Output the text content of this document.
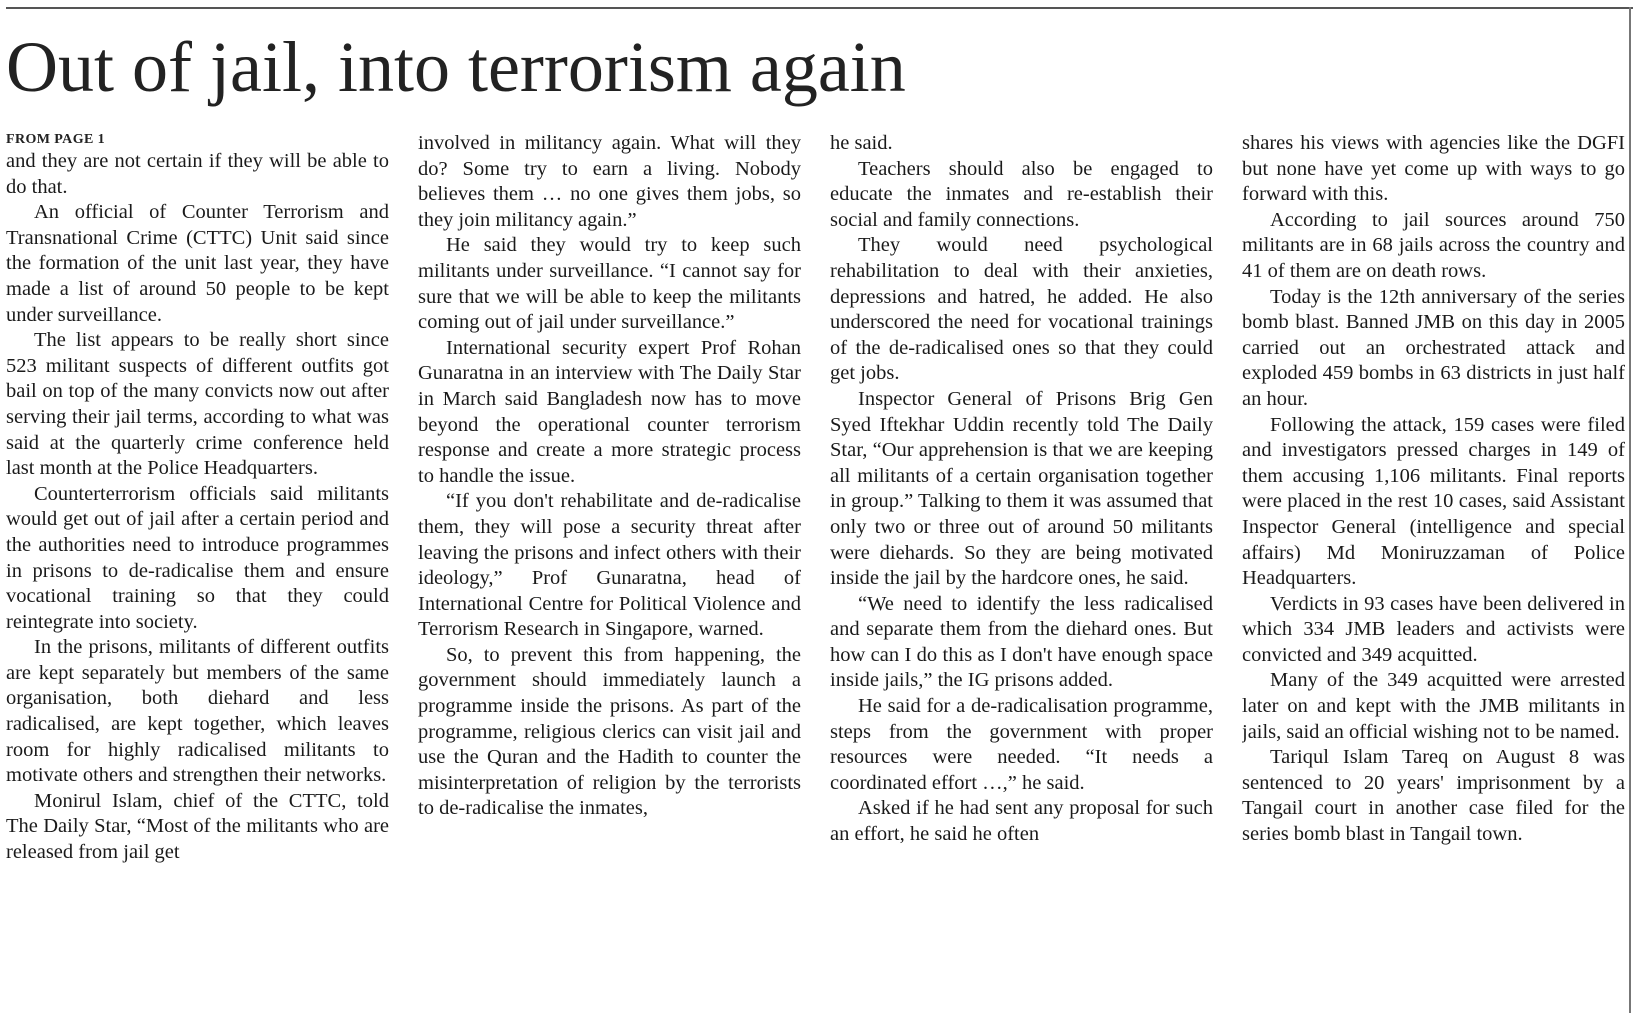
Out of jail, into terrorism again
FROM PAGE 1

and they are not certain if they will be able to do that.

An official of Counter Terrorism and Transnational Crime (CTTC) Unit said since the formation of the unit last year, they have made a list of around 50 people to be kept under surveillance.

The list appears to be really short since 523 militant suspects of different outfits got bail on top of the many convicts now out after serving their jail terms, according to what was said at the quarterly crime conference held last month at the Police Headquarters.

Counterterrorism officials said militants would get out of jail after a certain period and the authorities need to introduce programmes in prisons to de-radicalise them and ensure vocational training so that they could reintegrate into society.

In the prisons, militants of different outfits are kept separately but members of the same organisation, both diehard and less radicalised, are kept together, which leaves room for highly radicalised militants to motivate others and strengthen their networks.

Monirul Islam, chief of the CTTC, told The Daily Star, “Most of the militants who are released from jail get

involved in militancy again. What will they do? Some try to earn a living. Nobody believes them … no one gives them jobs, so they join militancy again.”

He said they would try to keep such militants under surveillance. “I cannot say for sure that we will be able to keep the militants coming out of jail under surveillance.”

International security expert Prof Rohan Gunaratna in an interview with The Daily Star in March said Bangladesh now has to move beyond the operational counter terrorism response and create a more strategic process to handle the issue.

“If you don't rehabilitate and de-radicalise them, they will pose a security threat after leaving the prisons and infect others with their ideology,” Prof Gunaratna, head of International Centre for Political Violence and Terrorism Research in Singapore, warned.

So, to prevent this from happening, the government should immediately launch a programme inside the prisons. As part of the programme, religious clerics can visit jail and use the Quran and the Hadith to counter the misinterpretation of religion by the terrorists to de-radicalise the inmates,

he said.

Teachers should also be engaged to educate the inmates and re-establish their social and family connections.

They would need psychological rehabilitation to deal with their anxieties, depressions and hatred, he added. He also underscored the need for vocational trainings of the de-radicalised ones so that they could get jobs.

Inspector General of Prisons Brig Gen Syed Iftekhar Uddin recently told The Daily Star, “Our apprehension is that we are keeping all militants of a certain organisation together in group.” Talking to them it was assumed that only two or three out of around 50 militants were diehards. So they are being motivated inside the jail by the hardcore ones, he said.

“We need to identify the less radicalised and separate them from the diehard ones. But how can I do this as I don't have enough space inside jails,” the IG prisons added.

He said for a de-radicalisation programme, steps from the government with proper resources were needed. “It needs a coordinated effort …,” he said.

Asked if he had sent any proposal for such an effort, he said he often

shares his views with agencies like the DGFI but none have yet come up with ways to go forward with this.

According to jail sources around 750 militants are in 68 jails across the country and 41 of them are on death rows.

Today is the 12th anniversary of the series bomb blast. Banned JMB on this day in 2005 carried out an orchestrated attack and exploded 459 bombs in 63 districts in just half an hour.

Following the attack, 159 cases were filed and investigators pressed charges in 149 of them accusing 1,106 militants. Final reports were placed in the rest 10 cases, said Assistant Inspector General (intelligence and special affairs) Md Moniruzzaman of Police Headquarters.

Verdicts in 93 cases have been delivered in which 334 JMB leaders and activists were convicted and 349 acquitted.

Many of the 349 acquitted were arrested later on and kept with the JMB militants in jails, said an official wishing not to be named.

Tariqul Islam Tareq on August 8 was sentenced to 20 years' imprisonment by a Tangail court in another case filed for the series bomb blast in Tangail town.
